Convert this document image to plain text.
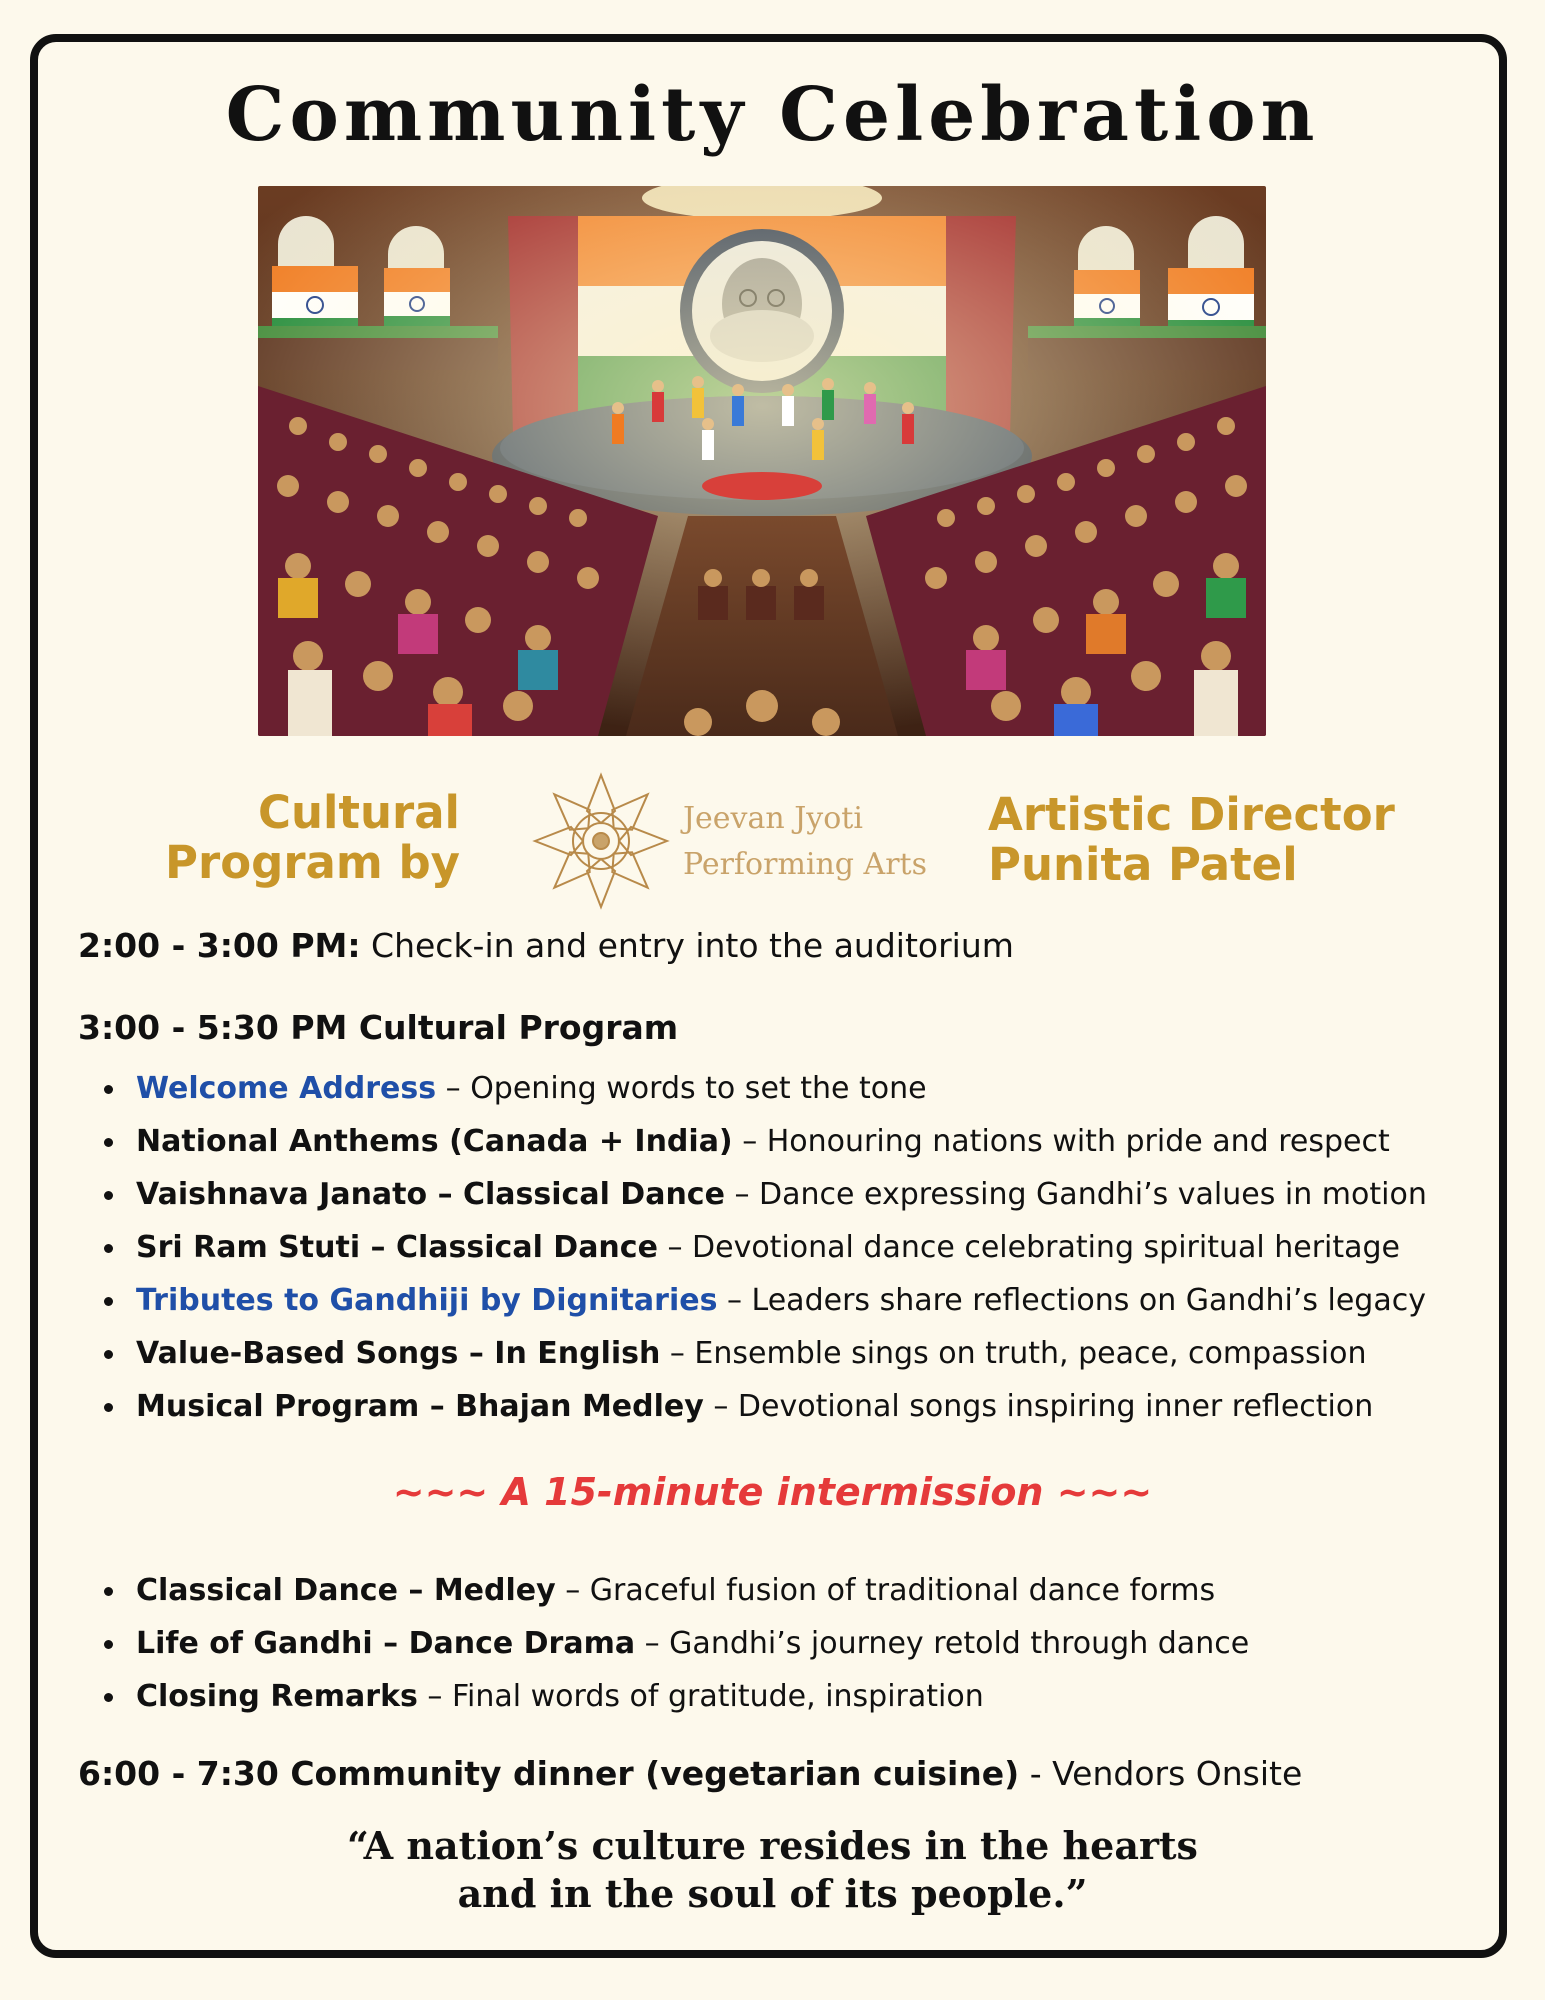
Community Celebration
Cultural
Program by
Jeevan Jyoti
Performing Arts
Artistic Director
Punita Patel
2:00 - 3:00 PM: Check-in and entry into the auditorium
3:00 - 5:30 PM Cultural Program
Welcome Address – Opening words to set the tone
National Anthems (Canada + India) – Honouring nations with pride and respect
Vaishnava Janato – Classical Dance – Dance expressing Gandhi’s values in motion
Sri Ram Stuti – Classical Dance – Devotional dance celebrating spiritual heritage
Tributes to Gandhiji by Dignitaries – Leaders share reflections on Gandhi’s legacy
Value-Based Songs – In English – Ensemble sings on truth, peace, compassion
Musical Program – Bhajan Medley – Devotional songs inspiring inner reflection
~~~ A 15-minute intermission ~~~
Classical Dance – Medley – Graceful fusion of traditional dance forms
Life of Gandhi – Dance Drama – Gandhi’s journey retold through dance
Closing Remarks – Final words of gratitude, inspiration
6:00 - 7:30 Community dinner (vegetarian cuisine) - Vendors Onsite
“A nation’s culture resides in the hearts
and in the soul of its people.”
